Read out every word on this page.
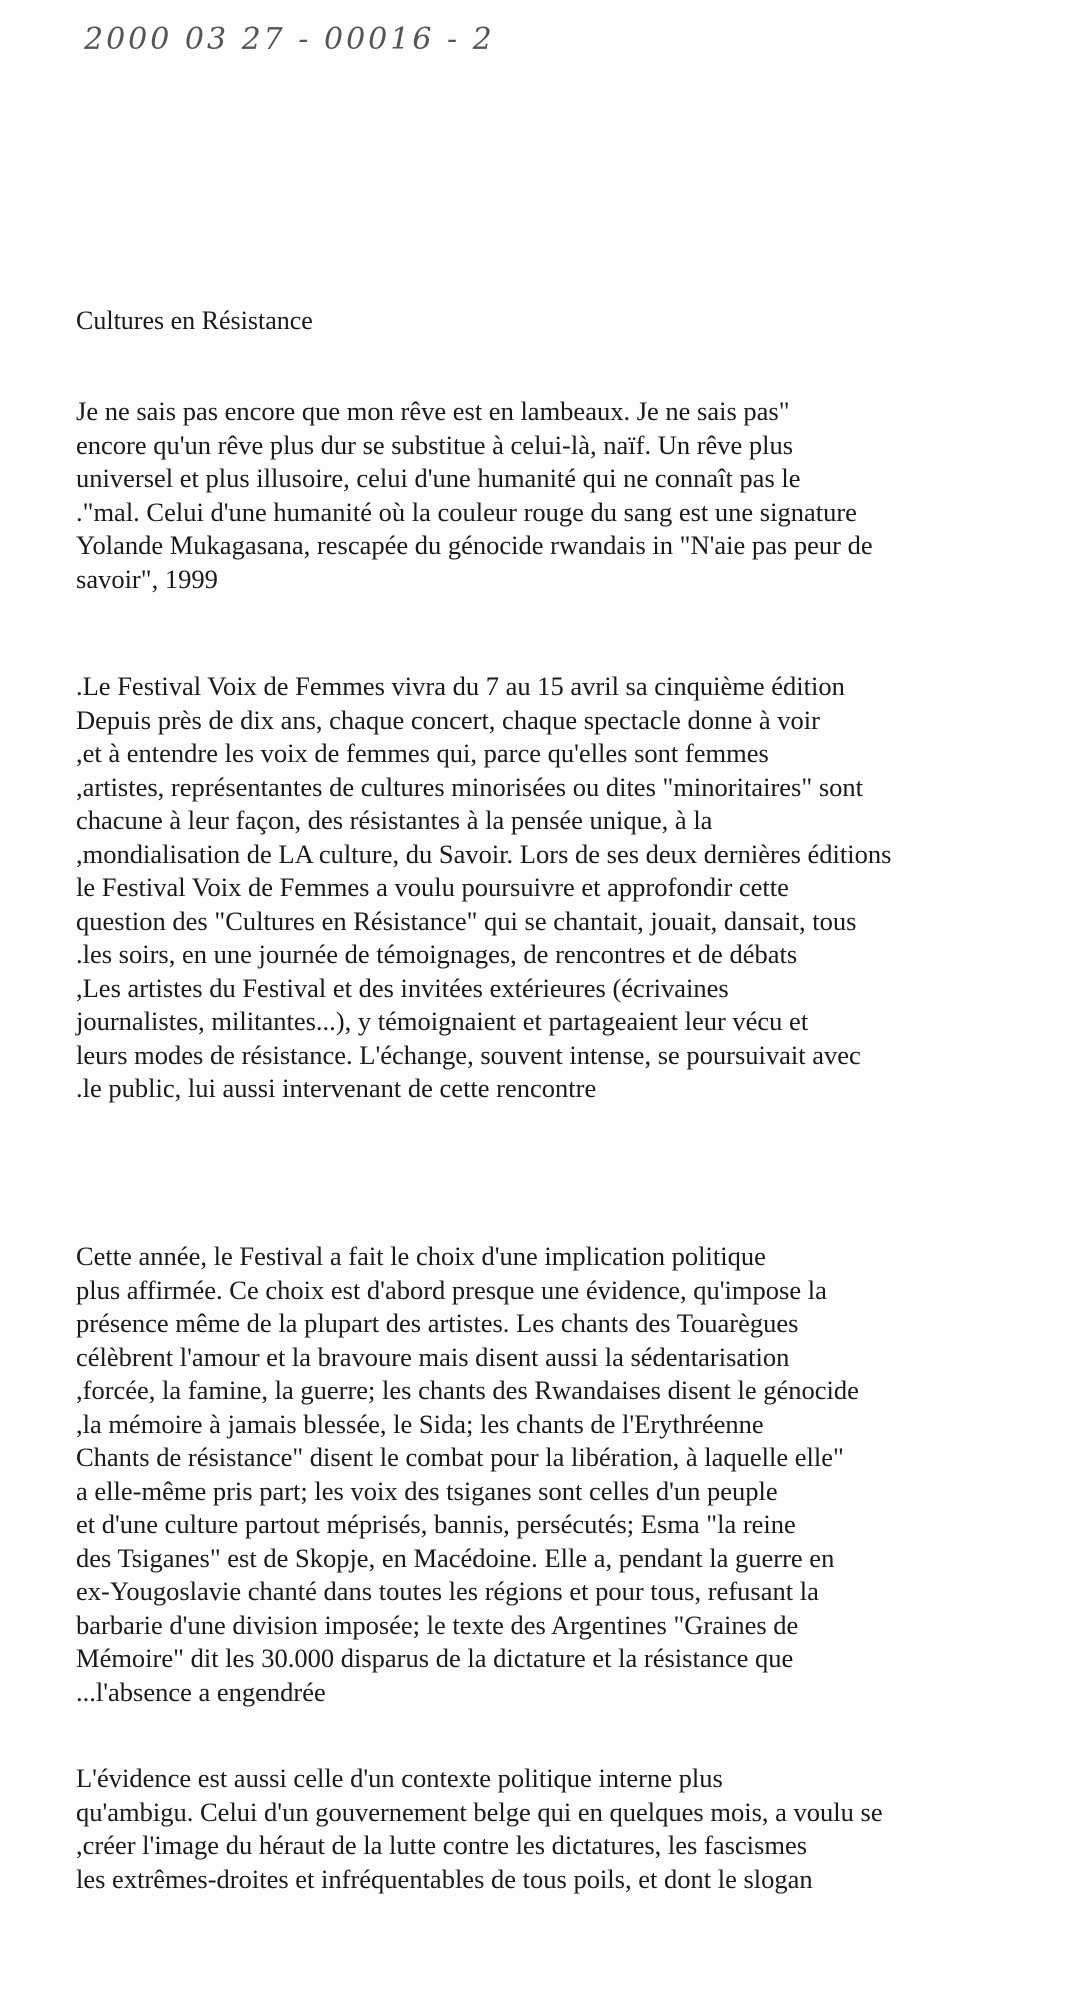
2000 03 27 - 00016 - 2
Cultures en Résistance
Je ne sais pas encore que mon rêve est en lambeaux. Je ne sais pas"
encore qu'un rêve plus dur se substitue à celui-là, naïf. Un rêve plus
universel et plus illusoire, celui d'une humanité qui ne connaît pas le
."mal. Celui d'une humanité où la couleur rouge du sang est une signature
Yolande Mukagasana, rescapée du génocide rwandais in "N'aie pas peur de
savoir", 1999
.Le Festival Voix de Femmes vivra du 7 au 15 avril sa cinquième édition
Depuis près de dix ans, chaque concert, chaque spectacle donne à voir
,et à entendre les voix de femmes qui, parce qu'elles sont femmes
,artistes, représentantes de cultures minorisées ou dites "minoritaires" sont
chacune à leur façon, des résistantes à la pensée unique, à la
,mondialisation de LA culture, du Savoir. Lors de ses deux dernières éditions
le Festival Voix de Femmes a voulu poursuivre et approfondir cette
question des "Cultures en Résistance" qui se chantait, jouait, dansait, tous
.les soirs, en une journée de témoignages, de rencontres et de débats
,Les artistes du Festival et des invitées extérieures (écrivaines
journalistes, militantes...), y témoignaient et partageaient leur vécu et
leurs modes de résistance. L'échange, souvent intense, se poursuivait avec
.le public, lui aussi intervenant de cette rencontre
Cette année, le Festival a fait le choix d'une implication politique
plus affirmée. Ce choix est d'abord presque une évidence, qu'impose la
présence même de la plupart des artistes. Les chants des Touarègues
célèbrent l'amour et la bravoure mais disent aussi la sédentarisation
,forcée, la famine, la guerre; les chants des Rwandaises disent le génocide
,la mémoire à jamais blessée, le Sida; les chants de l'Erythréenne
Chants de résistance" disent le combat pour la libération, à laquelle elle"
a elle-même pris part; les voix des tsiganes sont celles d'un peuple
et d'une culture partout méprisés, bannis, persécutés; Esma "la reine
des Tsiganes" est de Skopje, en Macédoine. Elle a, pendant la guerre en
ex-Yougoslavie chanté dans toutes les régions et pour tous, refusant la
barbarie d'une division imposée; le texte des Argentines "Graines de
Mémoire" dit les 30.000 disparus de la dictature et la résistance que
...l'absence a engendrée
L'évidence est aussi celle d'un contexte politique interne plus
qu'ambigu. Celui d'un gouvernement belge qui en quelques mois, a voulu se
,créer l'image du héraut de la lutte contre les dictatures, les fascismes
les extrêmes-droites et infréquentables de tous poils, et dont le slogan
